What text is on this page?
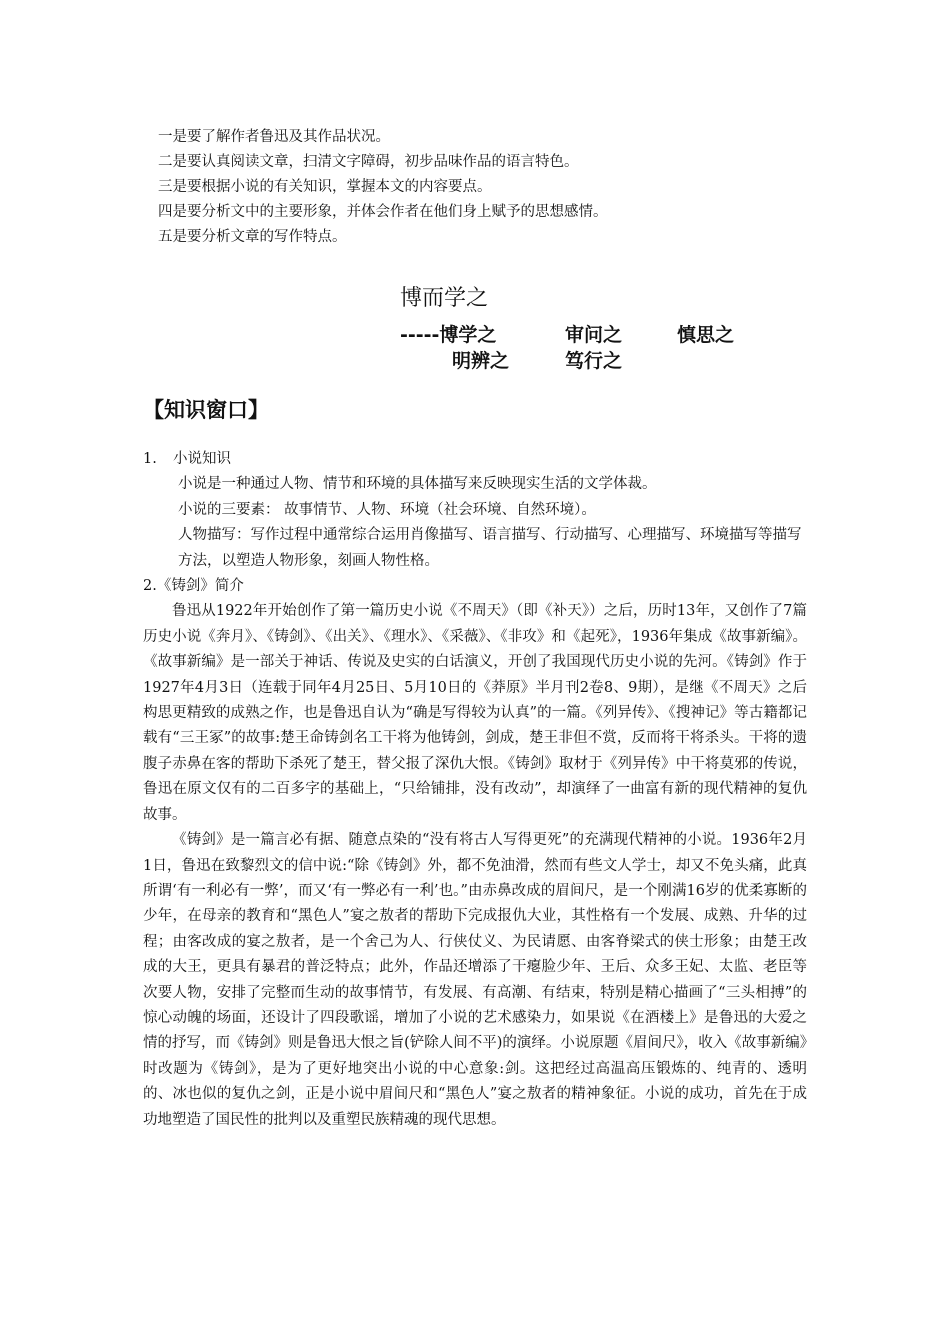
一是要了解作者鲁迅及其作品状况。
二是要认真阅读文章，扫清文字障碍，初步品味作品的语言特色。
三是要根据小说的有关知识，掌握本文的内容要点。
四是要分析文中的主要形象，并体会作者在他们身上赋予的思想感情。
五是要分析文章的写作特点。
博而学之
-----博学之	审问之	慎思之
明辨之	笃行之
【知识窗口】
1. 小说知识
小说是一种通过人物、情节和环境的具体描写来反映现实生活的文学体裁。
小说的三要素： 故事情节、人物、环境（社会环境、自然环境）。
人物描写：写作过程中通常综合运用肖像描写、语言描写、行动描写、心理描写、环境描写等描写方法，以塑造人物形象，刻画人物性格。
2.《铸剑》简介
鲁迅从1922年开始创作了第一篇历史小说《不周天》（即《补天》）之后，历时13年，又创作了7篇历史小说《奔月》、《铸剑》、《出关》、《理水》、《采薇》、《非攻》和《起死》，1936年集成《故事新编》。《故事新编》是一部关于神话、传说及史实的白话演义，开创了我国现代历史小说的先河。《铸剑》作于1927年4月3日（连载于同年4月25日、5月10日的《莽原》半月刊2卷8、9期），是继《不周天》之后构思更精致的成熟之作，也是鲁迅自认为“确是写得较为认真”的一篇。《列异传》、《搜神记》等古籍都记载有“三王冢”的故事:楚王命铸剑名工干将为他铸剑，剑成，楚王非但不赏，反而将干将杀头。干将的遗腹子赤鼻在客的帮助下杀死了楚王，替父报了深仇大恨。《铸剑》取材于《列异传》中干将莫邪的传说，鲁迅在原文仅有的二百多字的基础上，“只给铺排，没有改动”，却演绎了一曲富有新的现代精神的复仇故事。
《铸剑》是一篇言必有据、随意点染的“没有将古人写得更死”的充满现代精神的小说。1936年2月1日，鲁迅在致黎烈文的信中说:“除《铸剑》外，都不免油滑，然而有些文人学士，却又不免头痛，此真所谓‘有一利必有一弊’，而又‘有一弊必有一利’也。”由赤鼻改成的眉间尺，是一个刚满16岁的优柔寡断的少年，在母亲的教育和“黑色人”宴之敖者的帮助下完成报仇大业，其性格有一个发展、成熟、升华的过程；由客改成的宴之敖者，是一个舍己为人、行侠仗义、为民请愿、由客脊梁式的侠士形象；由楚王改成的大王，更具有暴君的普泛特点；此外，作品还增添了干瘪脸少年、王后、众多王妃、太监、老臣等次要人物，安排了完整而生动的故事情节，有发展、有高潮、有结束，特别是精心描画了“三头相搏”的惊心动魄的场面，还设计了四段歌谣，增加了小说的艺术感染力，如果说《在酒楼上》是鲁迅的大爱之情的抒写，而《铸剑》则是鲁迅大恨之旨(铲除人间不平)的演绎。小说原题《眉间尺》，收入《故事新编》时改题为《铸剑》，是为了更好地突出小说的中心意象:剑。这把经过高温高压锻炼的、纯青的、透明的、冰也似的复仇之剑，正是小说中眉间尺和“黑色人”宴之敖者的精神象征。小说的成功，首先在于成功地塑造了国民性的批判以及重塑民族精魂的现代思想。
